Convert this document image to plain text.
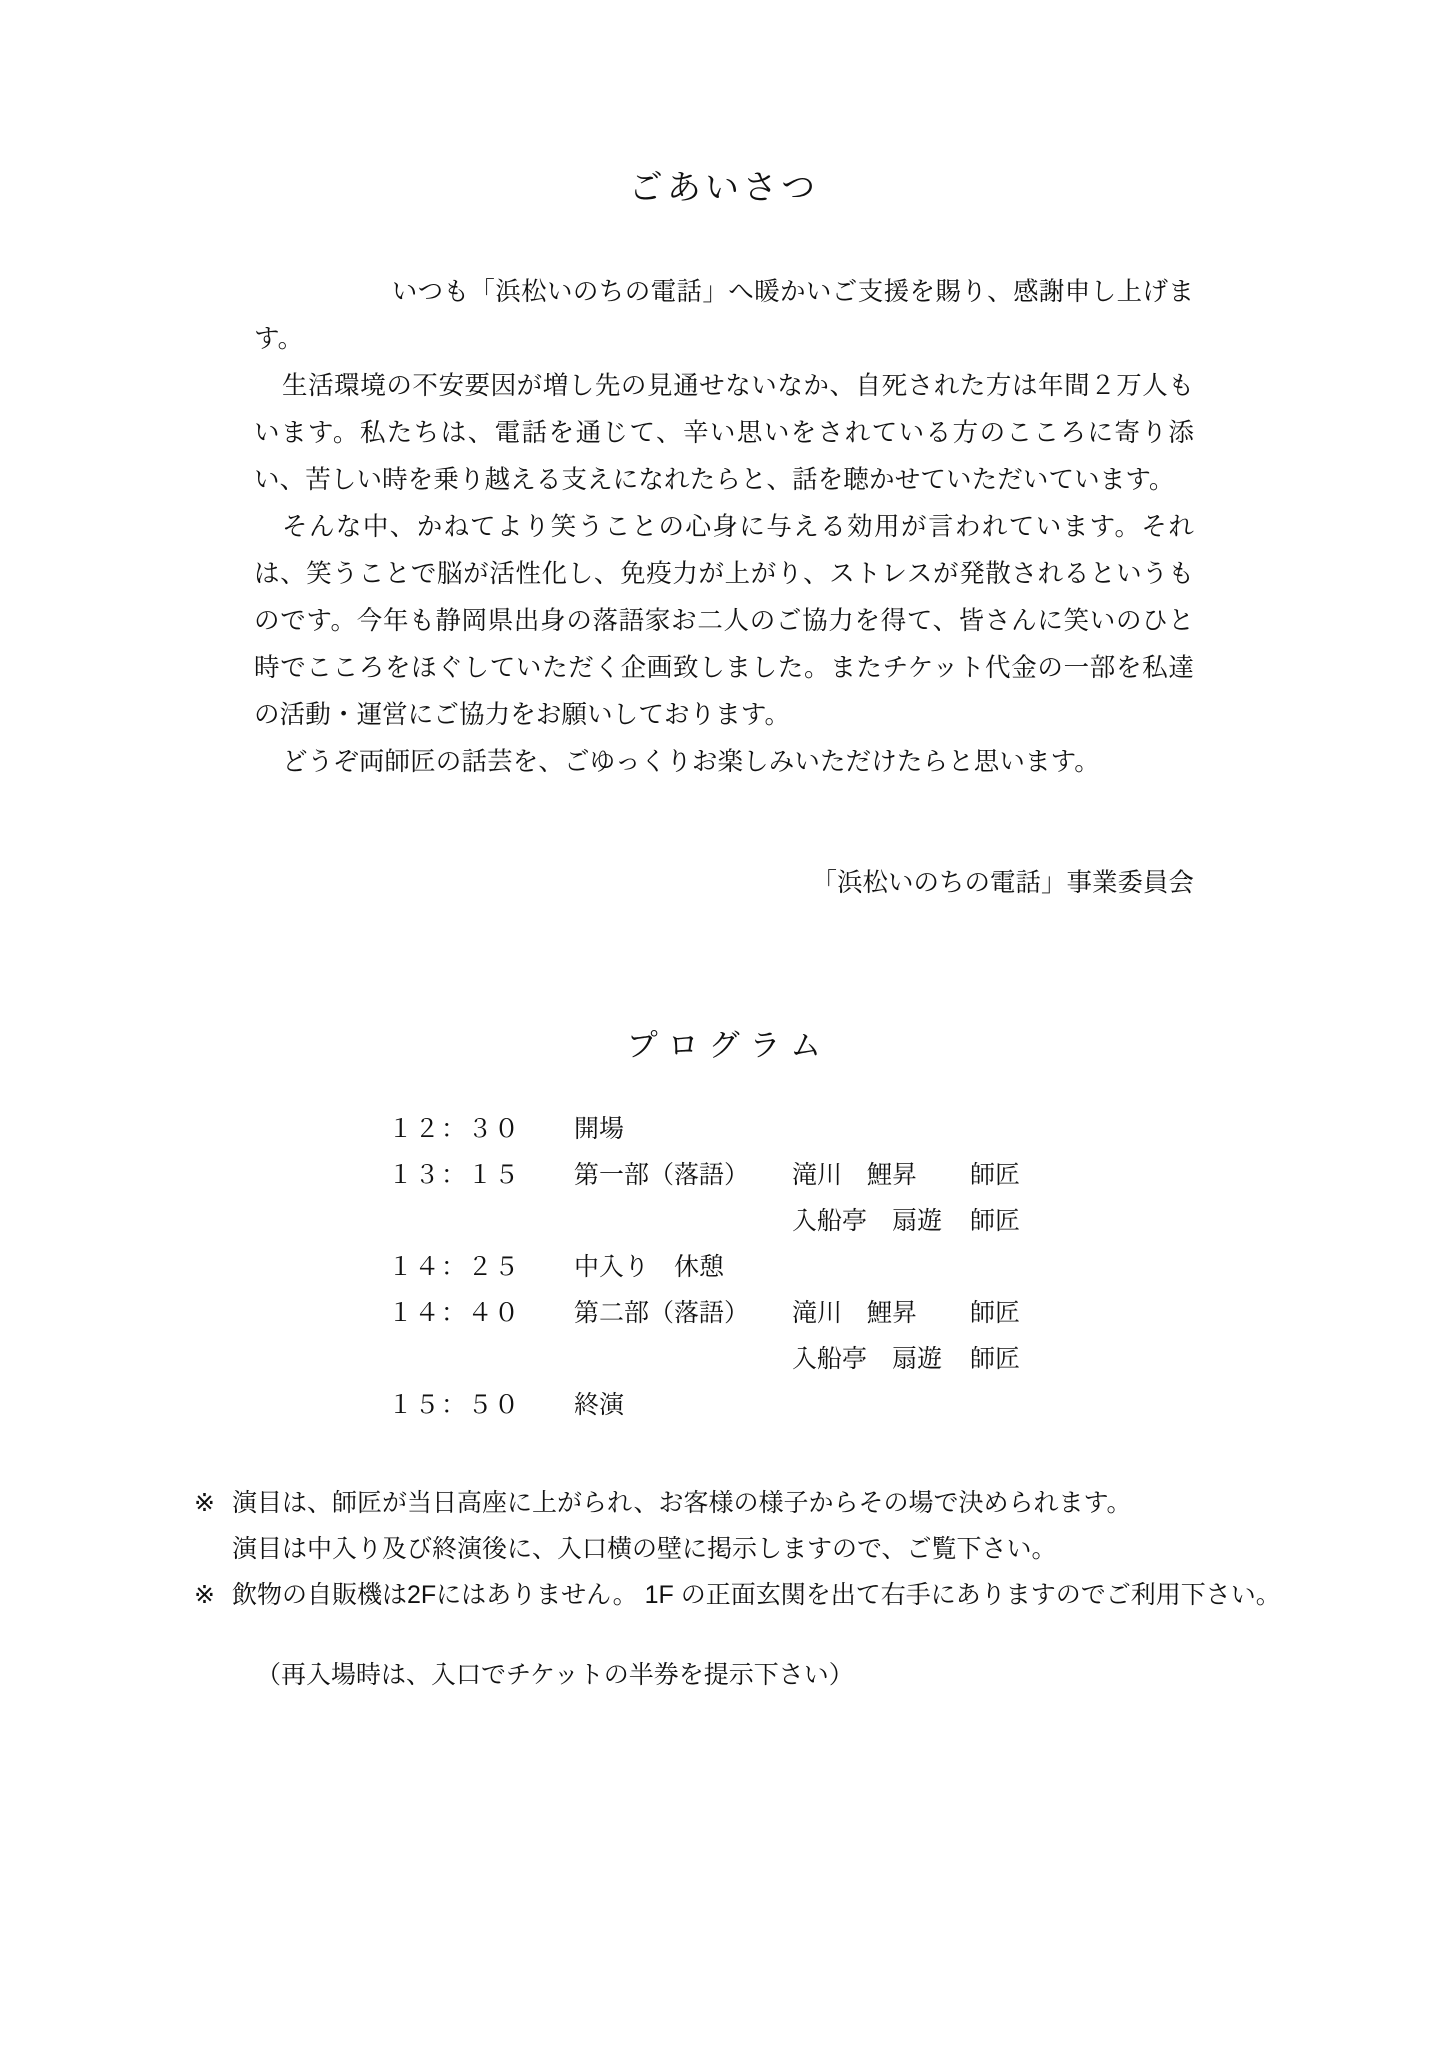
ごあいさつ

いつも「浜松いのちの電話」へ暖かいご支援を賜り、感謝申し上げます。

生活環境の不安要因が増し先の見通せないなか、自死された方は年間２万人もいます。私たちは、電話を通じて、辛い思いをされている方のこころに寄り添い、苦しい時を乗り越える支えになれたらと、話を聴かせていただいています。

そんな中、かねてより笑うことの心身に与える効用が言われています。それは、笑うことで脳が活性化し、免疫力が上がり、ストレスが発散されるというものです。今年も静岡県出身の落語家お二人のご協力を得て、皆さんに笑いのひと時でこころをほぐしていただく企画致しました。またチケット代金の一部を私達の活動・運営にご協力をお願いしております。

どうぞ両師匠の話芸を、ごゆっくりお楽しみいただけたらと思います。

「浜松いのちの電話」事業委員会
プログラム
１２：３０	開場		
１３：１５	第一部（落語）	滝川　鯉昇	師匠
		入船亭　扇遊	師匠
１４：２５	中入り　休憩		
１４：４０	第二部（落語）	滝川　鯉昇	師匠
		入船亭　扇遊	師匠
１５：５０	終演		
※ 演目は、師匠が当日高座に上がられ、お客様の様子からその場で決められます。
演目は中入り及び終演後に、入口横の壁に掲示しますので、ご覧下さい。
※ 飲物の自販機は2Fにはありません。 1F の正面玄関を出て右手にありますのでご利用下さい。
（再入場時は、入口でチケットの半券を提示下さい）
